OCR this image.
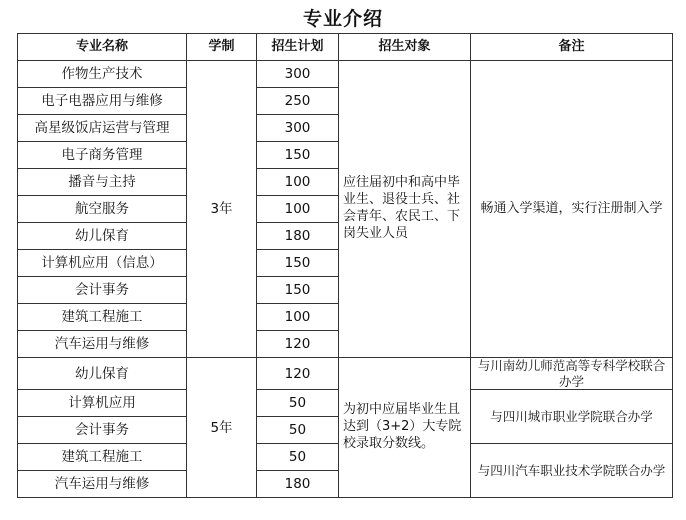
专业介绍
专业名称	学制	招生计划	招生对象	备注
作物生产技术	3年	300	应往届初中和高中毕业生、退役士兵、社会青年、农民工、下岗失业人员	畅通入学渠道，实行注册制入学
电子电器应用与维修		250		
高星级饭店运营与管理		300		
电子商务管理		150		
播音与主持		100		
航空服务		100		
幼儿保育		180		
计算机应用（信息）		150		
会计事务		150		
建筑工程施工		100		
汽车运用与维修		120		
幼儿保育	5年	120	为初中应届毕业生且达到（3+2）大专院校录取分数线。	与川南幼儿师范高等专科学校联合办学
计算机应用		50		与四川城市职业学院联合办学
会计事务		50		
建筑工程施工		50		与四川汽车职业技术学院联合办学
汽车运用与维修		180		
